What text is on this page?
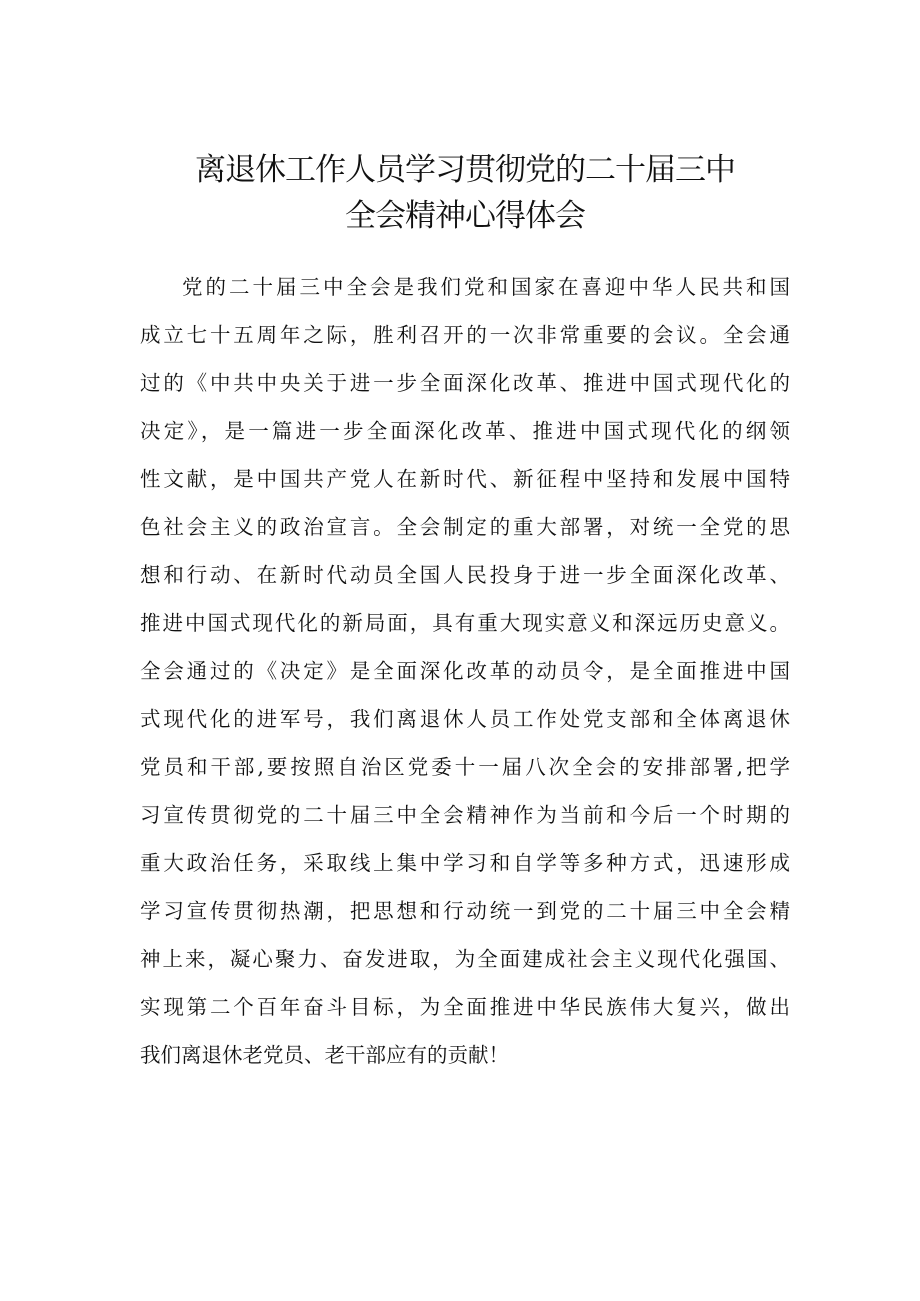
离退休工作人员学习贯彻党的二十届三中
全会精神心得体会
党的二十届三中全会是我们党和国家在喜迎中华人民共和国
成立七十五周年之际，胜利召开的一次非常重要的会议。全会通
过的《中共中央关于进一步全面深化改革、推进中国式现代化的
决定》，是一篇进一步全面深化改革、推进中国式现代化的纲领
性文献，是中国共产党人在新时代、新征程中坚持和发展中国特
色社会主义的政治宣言。全会制定的重大部署，对统一全党的思
想和行动、在新时代动员全国人民投身于进一步全面深化改革、
推进中国式现代化的新局面，具有重大现实意义和深远历史意义。
全会通过的《决定》是全面深化改革的动员令，是全面推进中国
式现代化的进军号，我们离退休人员工作处党支部和全体离退休
党员和干部,要按照自治区党委十一届八次全会的安排部署,把学
习宣传贯彻党的二十届三中全会精神作为当前和今后一个时期的
重大政治任务，采取线上集中学习和自学等多种方式，迅速形成
学习宣传贯彻热潮，把思想和行动统一到党的二十届三中全会精
神上来，凝心聚力、奋发进取，为全面建成社会主义现代化强国、
实现第二个百年奋斗目标，为全面推进中华民族伟大复兴，做出
我们离退休老党员、老干部应有的贡献！
